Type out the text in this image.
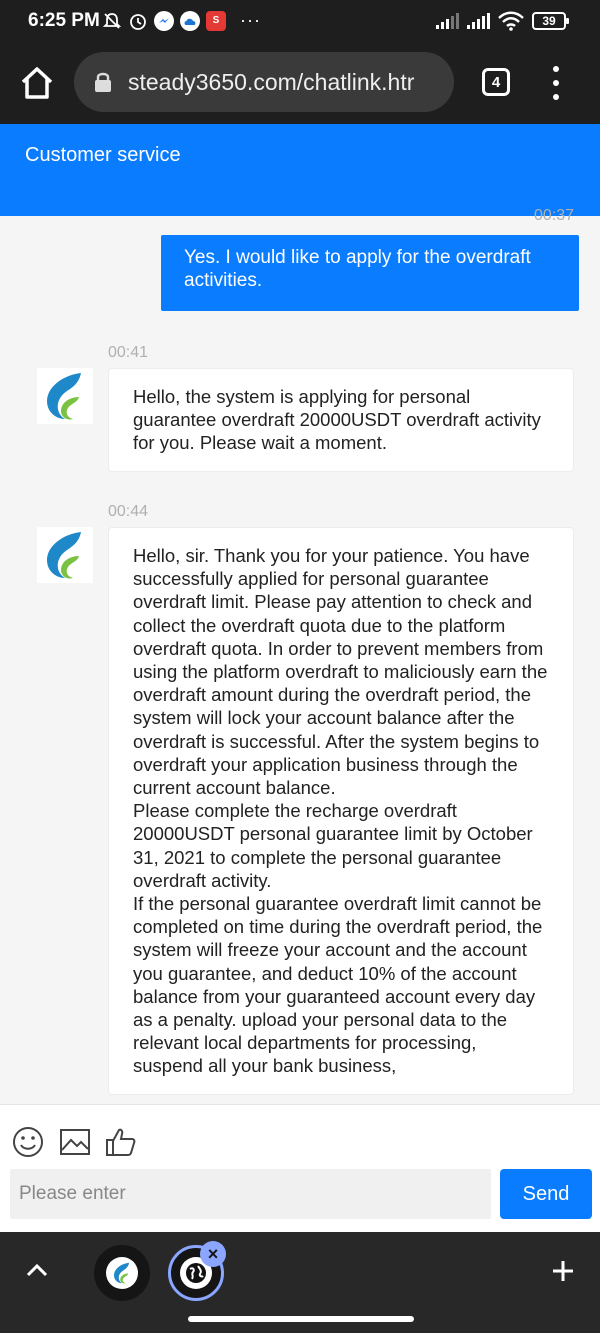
6:25 PM	S ···	39
steady3650.com/chatlink.htr	4
Customer service
00:37
Yes. I would like to apply for the overdraft activities.
00:41

Hello, the system is applying for personal guarantee overdraft 20000USDT overdraft activity for you. Please wait a moment.

00:44

Hello, sir. Thank you for your patience. You have successfully applied for personal guarantee overdraft limit. Please pay attention to check and collect the overdraft quota due to the platform overdraft quota. In order to prevent members from using the platform overdraft to maliciously earn the overdraft amount during the overdraft period, the system will lock your account balance after the overdraft is successful. After the system begins to overdraft your application business through the current account balance.

Please complete the recharge overdraft 20000USDT personal guarantee limit by October 31, 2021 to complete the personal guarantee overdraft activity.

If the personal guarantee overdraft limit cannot be completed on time during the overdraft period, the system will freeze your account and the account you guarantee, and deduct 10% of the account balance from your guaranteed account every day as a penalty. upload your personal data to the relevant local departments for processing, suspend all your bank business,

Please enter
Send
×
